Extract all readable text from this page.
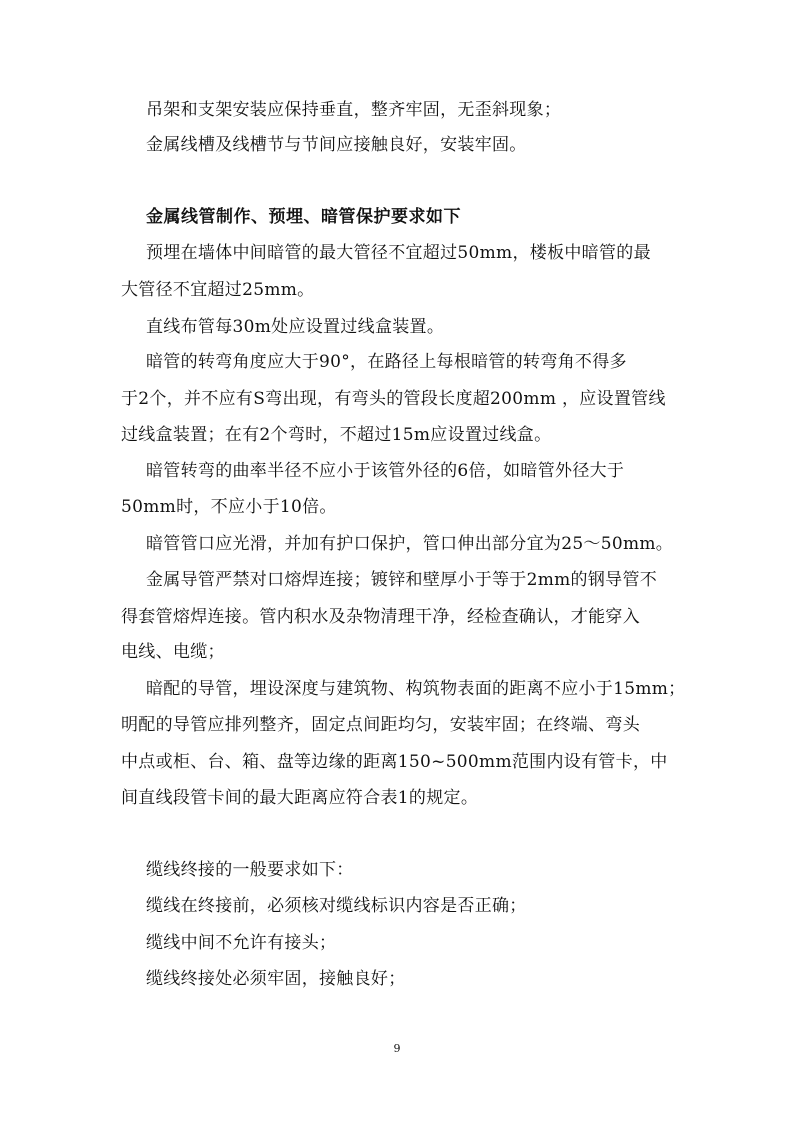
吊架和支架安装应保持垂直，整齐牢固，无歪斜现象；
金属线槽及线槽节与节间应接触良好，安装牢固。
金属线管制作、预埋、暗管保护要求如下
预埋在墙体中间暗管的最大管径不宜超过50mm，楼板中暗管的最
大管径不宜超过25mm。
直线布管每30m处应设置过线盒装置。
暗管的转弯角度应大于90°，在路径上每根暗管的转弯角不得多
于2个，并不应有S弯出现，有弯头的管段长度超200mm ，应设置管线
过线盒装置；在有2个弯时，不超过15m应设置过线盒。
暗管转弯的曲率半径不应小于该管外径的6倍，如暗管外径大于
50mm时，不应小于10倍。
暗管管口应光滑，并加有护口保护，管口伸出部分宜为25～50mm。
金属导管严禁对口熔焊连接；镀锌和壁厚小于等于2mm的钢导管不
得套管熔焊连接。管内积水及杂物清理干净，经检查确认，才能穿入
电线、电缆；
暗配的导管，埋设深度与建筑物、构筑物表面的距离不应小于15mm；
明配的导管应排列整齐，固定点间距均匀，安装牢固；在终端、弯头
中点或柜、台、箱、盘等边缘的距离150~500mm范围内设有管卡，中
间直线段管卡间的最大距离应符合表1的规定。
缆线终接的一般要求如下：
缆线在终接前，必须核对缆线标识内容是否正确；
缆线中间不允许有接头；
缆线终接处必须牢固，接触良好；
9
